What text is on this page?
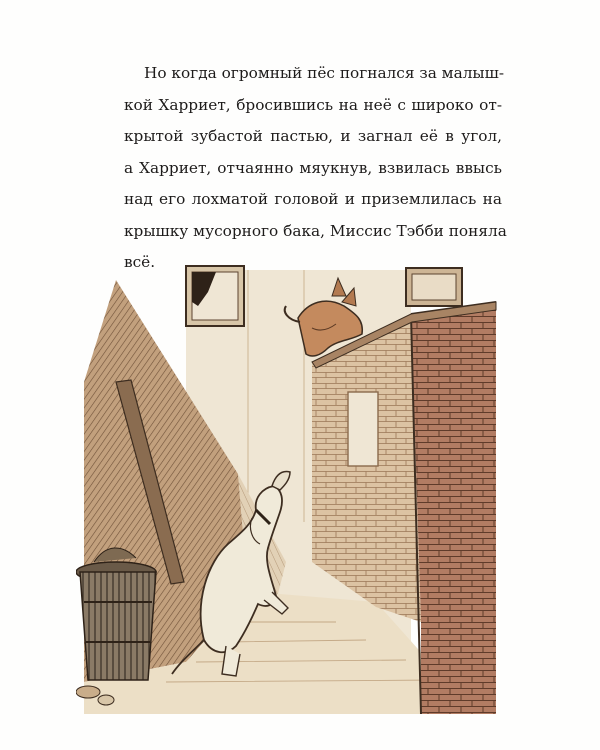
Но когда огромный пёс погнался за малыш-
кой Харриет, бросившись на неё с широко от-
крытой зубастой пастью, и загнал её в угол,
а Харриет, отчаянно мяукнув, взвилась ввысь
над его лохматой головой и приземлилась на
крышку мусорного бака, Миссис Тэбби поняла
всё.
